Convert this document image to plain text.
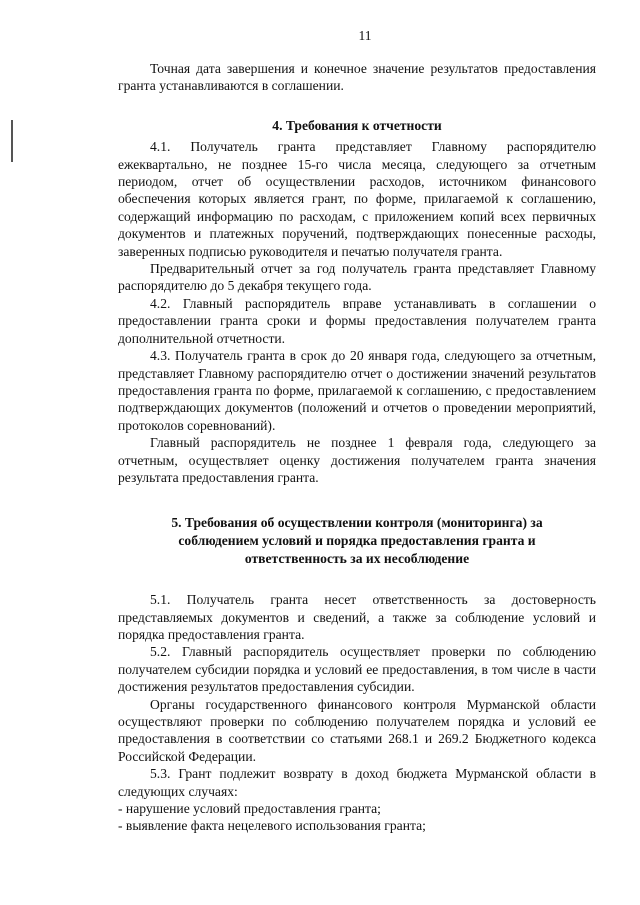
11

Точная дата завершения и конечное значение результатов предоставления гранта устанавливаются в соглашении.

4. Требования к отчетности

4.1. Получатель гранта представляет Главному распорядителю ежеквартально, не позднее 15-го числа месяца, следующего за отчетным периодом, отчет об осуществлении расходов, источником финансового обеспечения которых является грант, по форме, прилагаемой к соглашению, содержащий информацию по расходам, с приложением копий всех первичных документов и платежных поручений, подтверждающих понесенные расходы, заверенных подписью руководителя и печатью получателя гранта.

Предварительный отчет за год получатель гранта представляет Главному распорядителю до 5 декабря текущего года.

4.2. Главный распорядитель вправе устанавливать в соглашении о предоставлении гранта сроки и формы предоставления получателем гранта дополнительной отчетности.

4.3. Получатель гранта в срок до 20 января года, следующего за отчетным, представляет Главному распорядителю отчет о достижении значений результатов предоставления гранта по форме, прилагаемой к соглашению, с предоставлением подтверждающих документов (положений и отчетов о проведении мероприятий, протоколов соревнований).

Главный распорядитель не позднее 1 февраля года, следующего за отчетным, осуществляет оценку достижения получателем гранта значения результата предоставления гранта.

5. Требования об осуществлении контроля (мониторинга) за
соблюдением условий и порядка предоставления гранта и
ответственность за их несоблюдение

5.1. Получатель гранта несет ответственность за достоверность представляемых документов и сведений, а также за соблюдение условий и порядка предоставления гранта.

5.2. Главный распорядитель осуществляет проверки по соблюдению получателем субсидии порядка и условий ее предоставления, в том числе в части достижения результатов предоставления субсидии.

Органы государственного финансового контроля Мурманской области осуществляют проверки по соблюдению получателем порядка и условий ее предоставления в соответствии со статьями 268.1 и 269.2 Бюджетного кодекса Российской Федерации.

5.3. Грант подлежит возврату в доход бюджета Мурманской области в следующих случаях:

- нарушение условий предоставления гранта;

- выявление факта нецелевого использования гранта;
